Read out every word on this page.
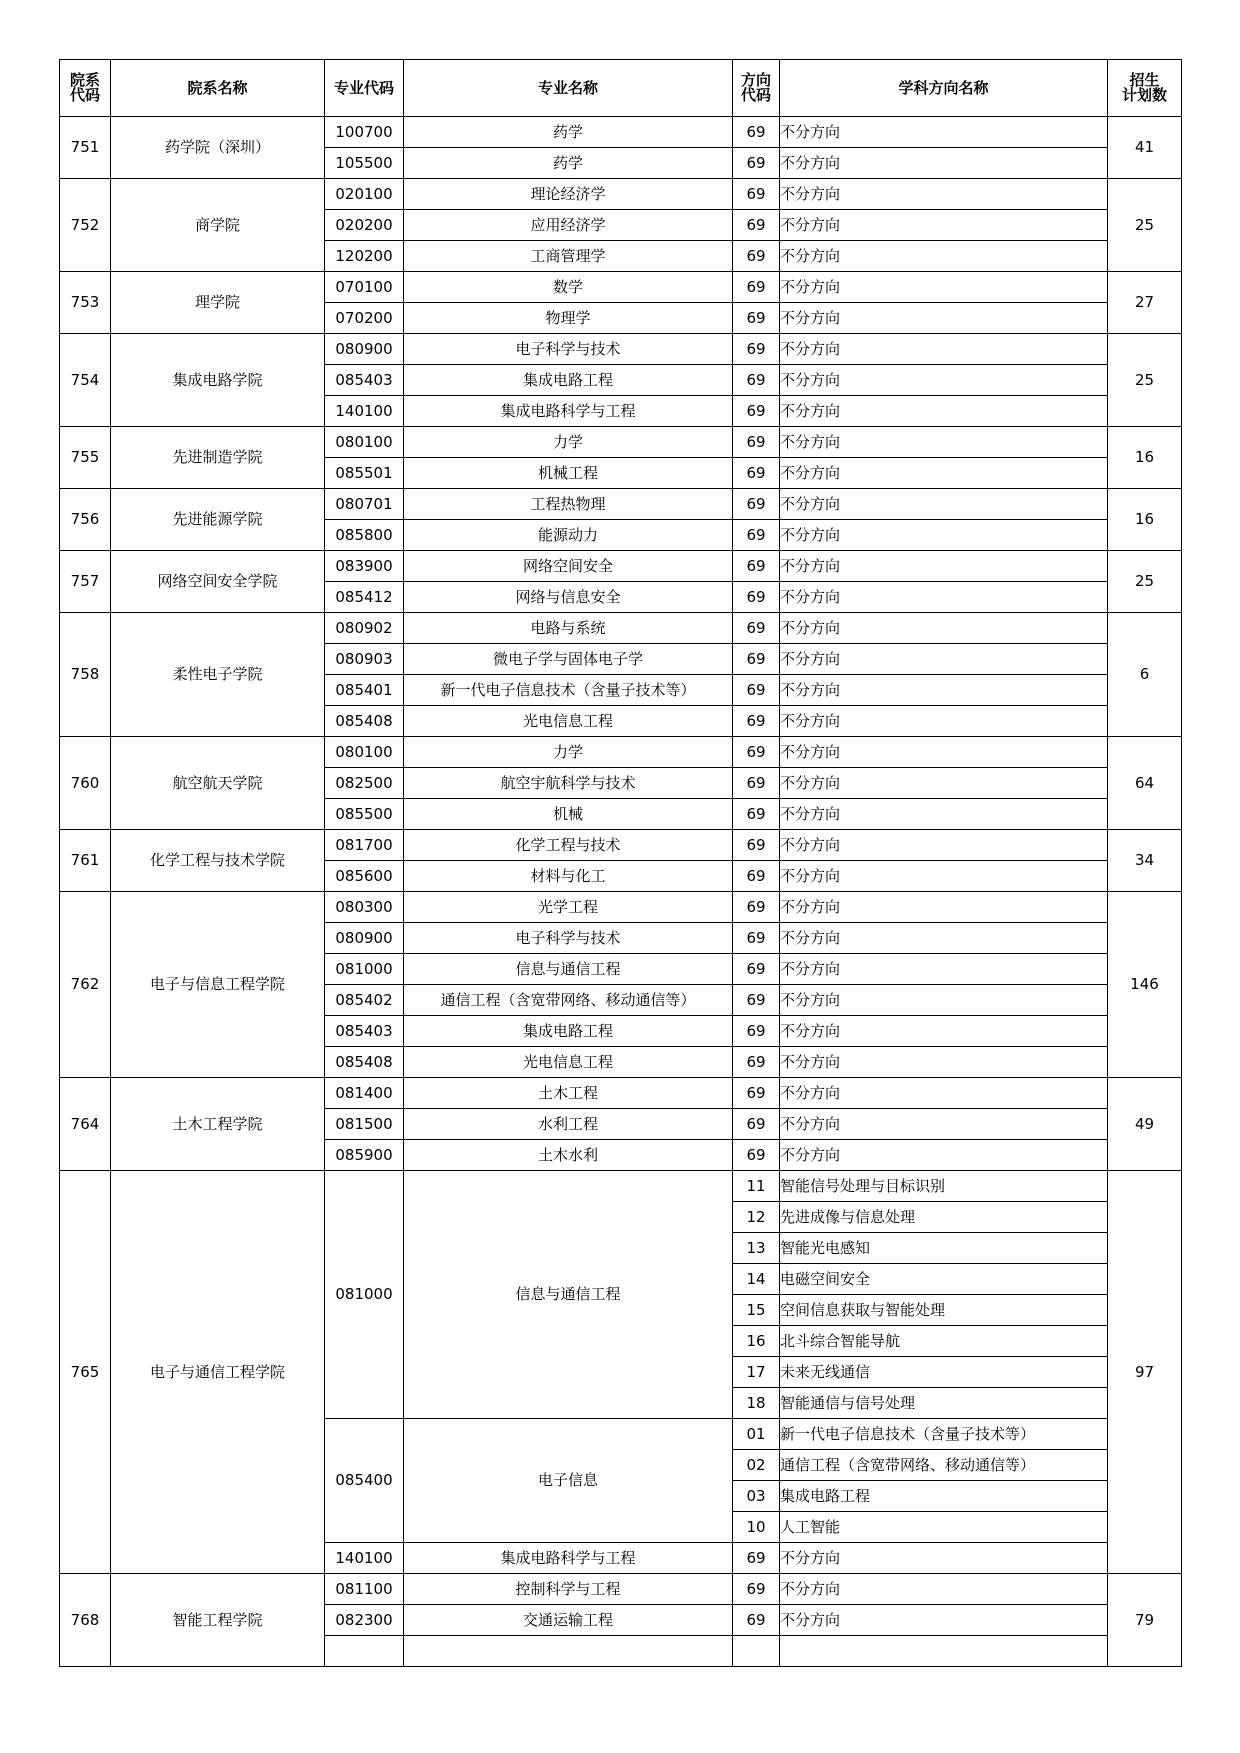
院系
代码	院系名称	专业代码	专业名称	方向
代码	学科方向名称	招生
计划数
751	药学院（深圳）	100700	药学	69	不分方向	41
		105500	药学	69	不分方向	
752	商学院	020100	理论经济学	69	不分方向	25
		020200	应用经济学	69	不分方向	
		120200	工商管理学	69	不分方向	
753	理学院	070100	数学	69	不分方向	27
		070200	物理学	69	不分方向	
754	集成电路学院	080900	电子科学与技术	69	不分方向	25
		085403	集成电路工程	69	不分方向	
		140100	集成电路科学与工程	69	不分方向	
755	先进制造学院	080100	力学	69	不分方向	16
		085501	机械工程	69	不分方向	
756	先进能源学院	080701	工程热物理	69	不分方向	16
		085800	能源动力	69	不分方向	
757	网络空间安全学院	083900	网络空间安全	69	不分方向	25
		085412	网络与信息安全	69	不分方向	
758	柔性电子学院	080902	电路与系统	69	不分方向	6
		080903	微电子学与固体电子学	69	不分方向	
		085401	新一代电子信息技术（含量子技术等）	69	不分方向	
		085408	光电信息工程	69	不分方向	
760	航空航天学院	080100	力学	69	不分方向	64
		082500	航空宇航科学与技术	69	不分方向	
		085500	机械	69	不分方向	
761	化学工程与技术学院	081700	化学工程与技术	69	不分方向	34
		085600	材料与化工	69	不分方向	
762	电子与信息工程学院	080300	光学工程	69	不分方向	146
		080900	电子科学与技术	69	不分方向	
		081000	信息与通信工程	69	不分方向	
		085402	通信工程（含宽带网络、移动通信等）	69	不分方向	
		085403	集成电路工程	69	不分方向	
		085408	光电信息工程	69	不分方向	
764	土木工程学院	081400	土木工程	69	不分方向	49
		081500	水利工程	69	不分方向	
		085900	土木水利	69	不分方向	
765	电子与通信工程学院	081000	信息与通信工程	11	智能信号处理与目标识别	97
				12	先进成像与信息处理	
				13	智能光电感知	
				14	电磁空间安全	
				15	空间信息获取与智能处理	
				16	北斗综合智能导航	
				17	未来无线通信	
				18	智能通信与信号处理	
		085400	电子信息	01	新一代电子信息技术（含量子技术等）	
				02	通信工程（含宽带网络、移动通信等）	
				03	集成电路工程	
				10	人工智能	
		140100	集成电路科学与工程	69	不分方向	
768	智能工程学院	081100	控制科学与工程	69	不分方向	79
		082300	交通运输工程	69	不分方向	
